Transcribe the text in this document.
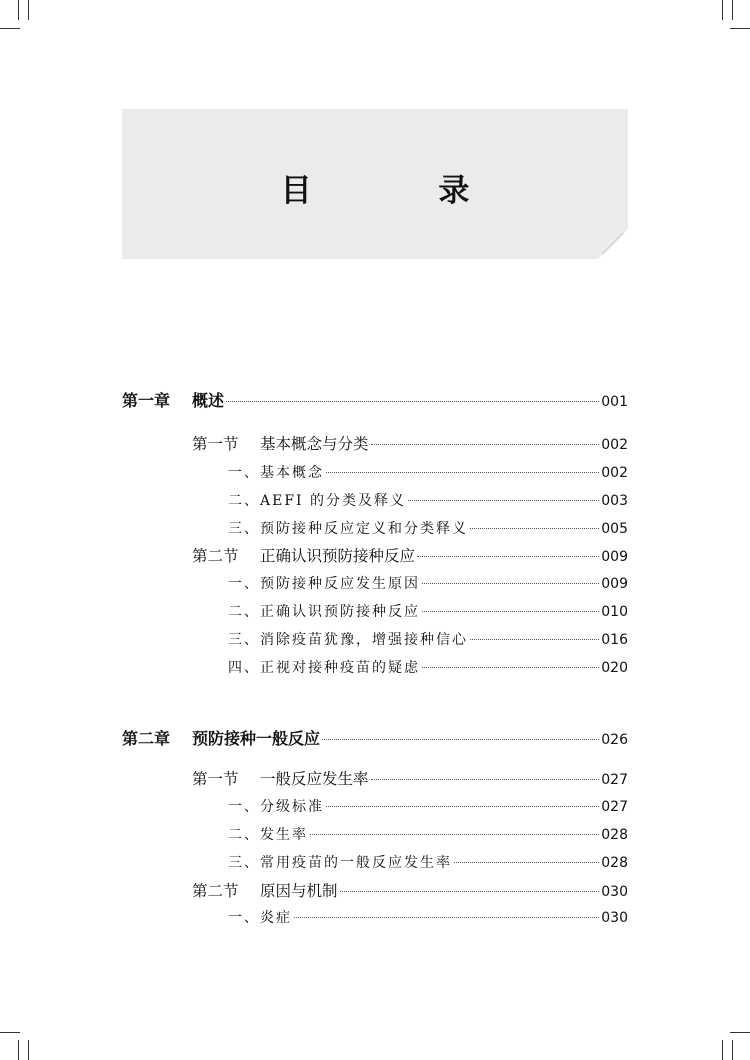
目 录
第一章 概述	001
第一节 基本概念与分类	002
一、基本概念	002
二、AEFI 的分类及释义	003
三、预防接种反应定义和分类释义	005
第二节 正确认识预防接种反应	009
一、预防接种反应发生原因	009
二、正确认识预防接种反应	010
三、消除疫苗犹豫，增强接种信心	016
四、正视对接种疫苗的疑虑	020
第二章 预防接种一般反应	026
第一节 一般反应发生率	027
一、分级标准	027
二、发生率	028
三、常用疫苗的一般反应发生率	028
第二节 原因与机制	030
一、炎症	030
